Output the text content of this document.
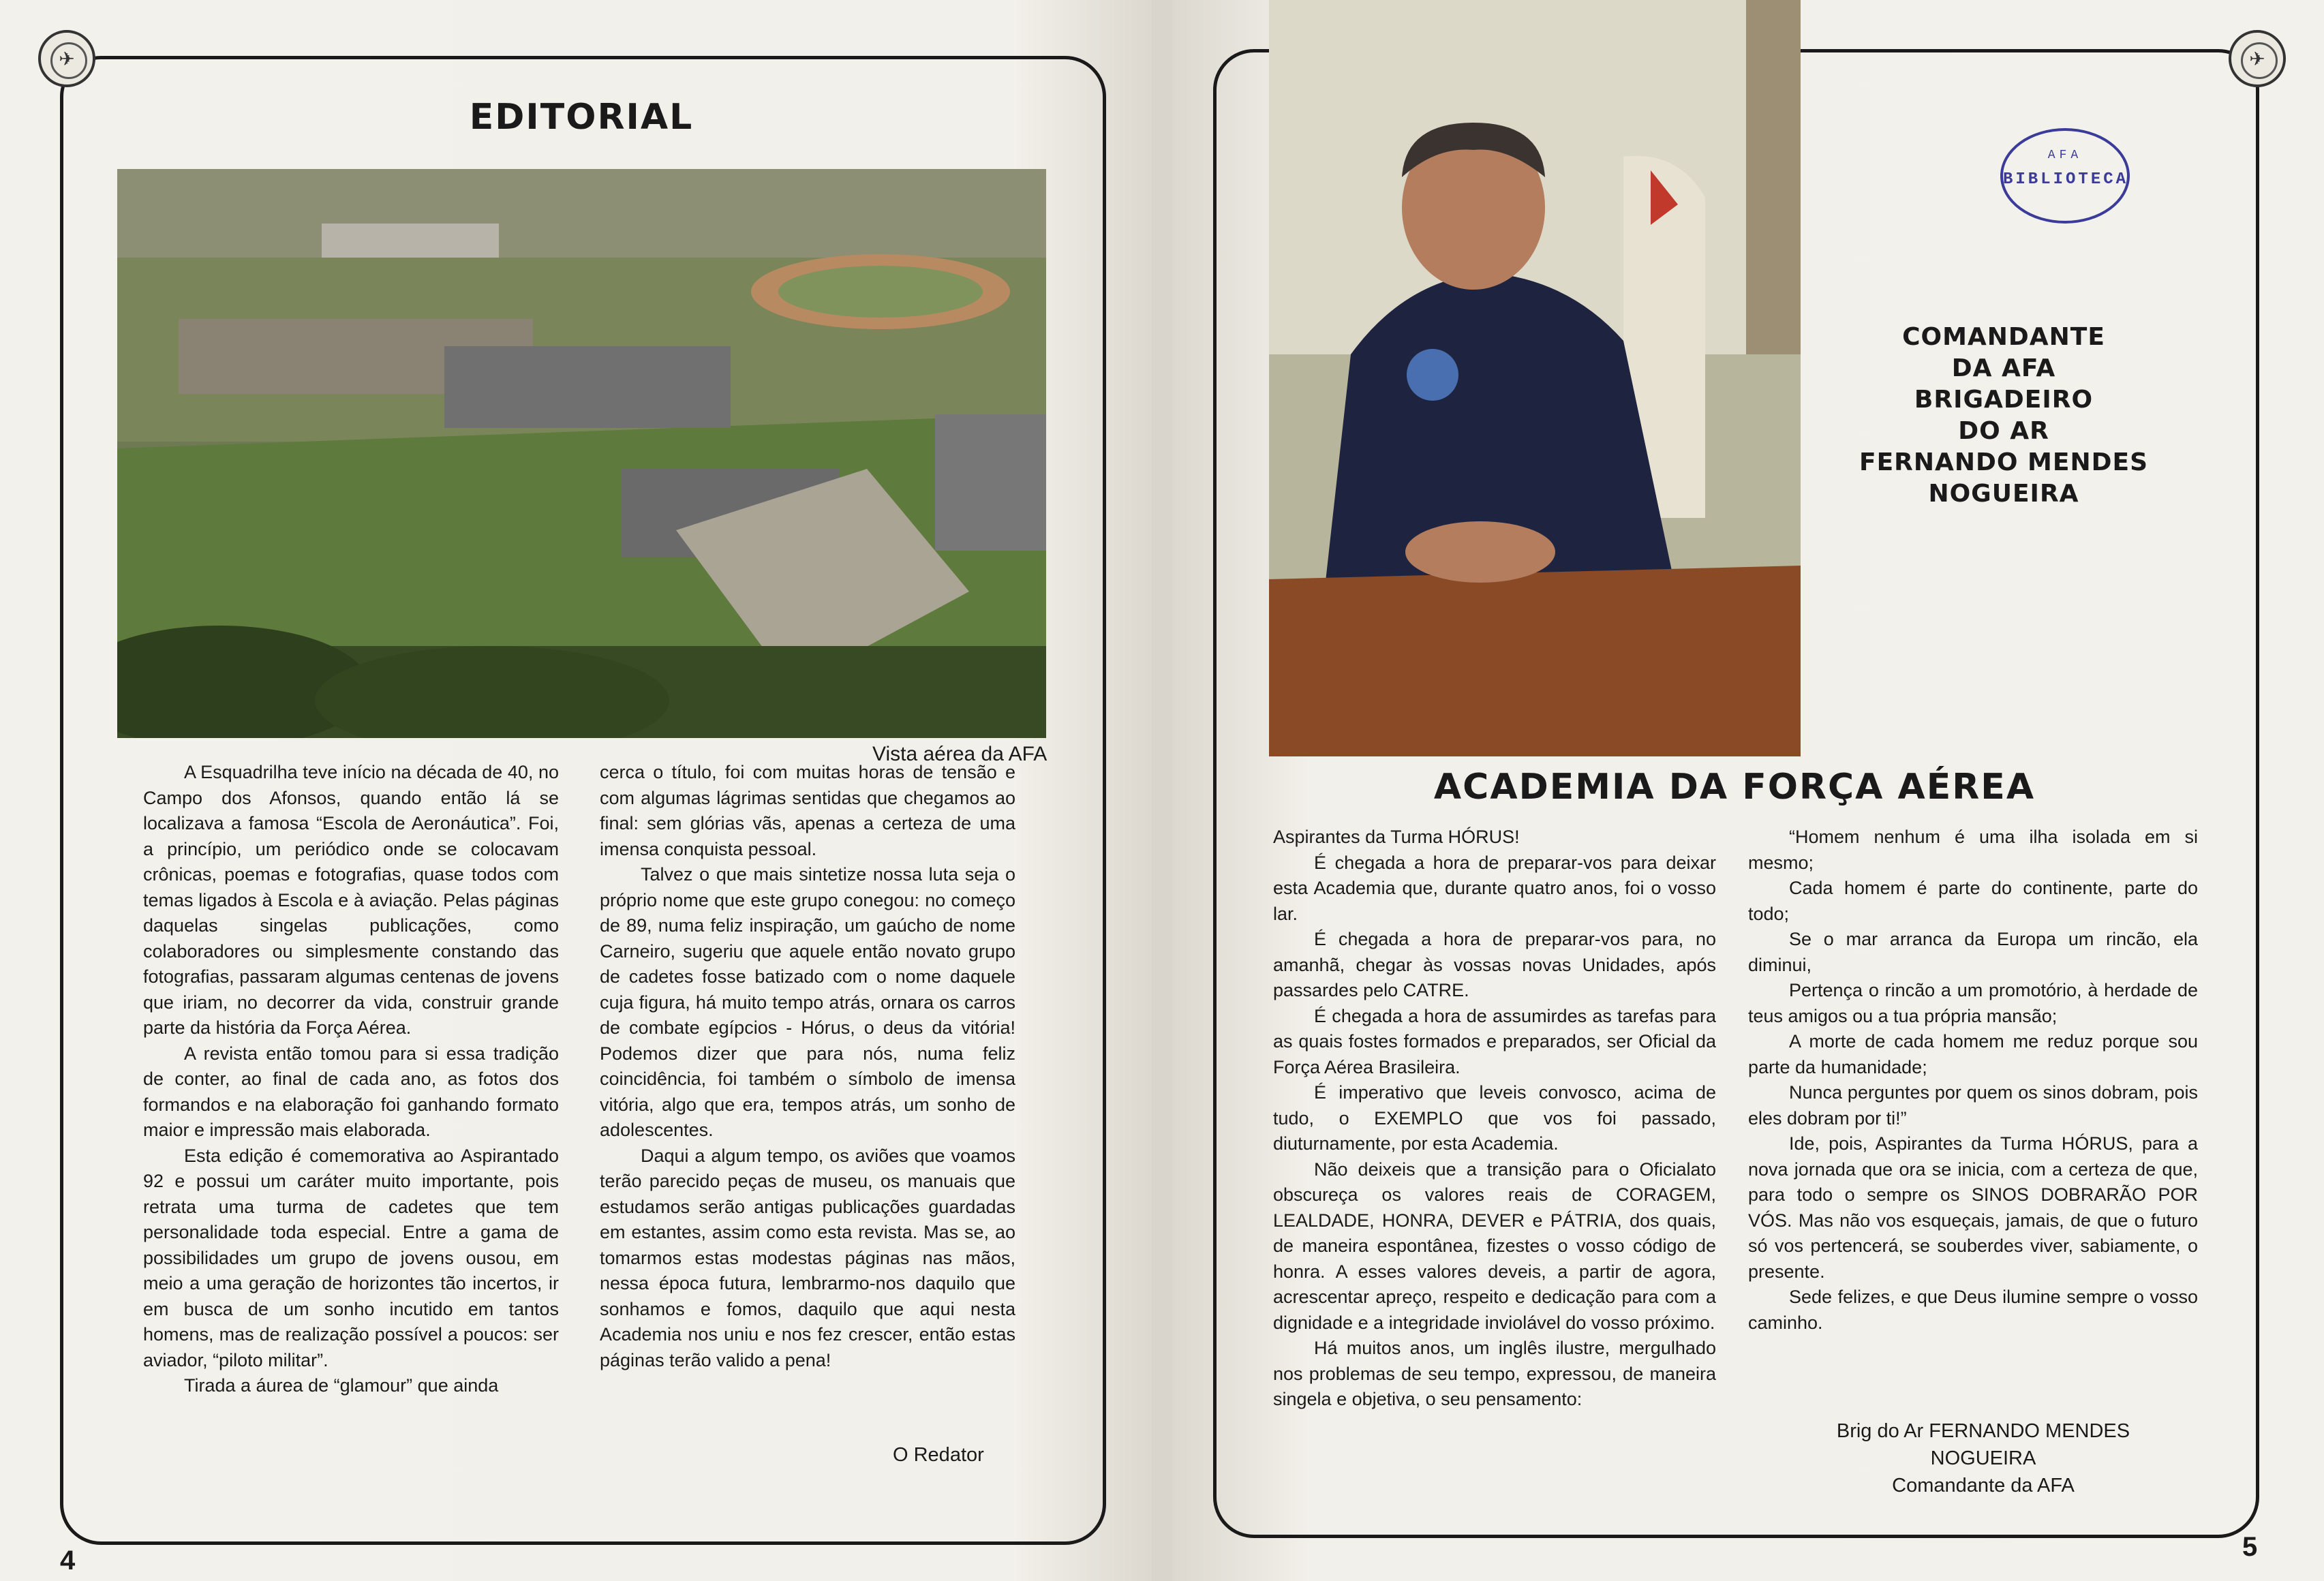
✈
EDITORIAL
Vista aérea da AFA

A Esquadrilha teve início na década de 40, no Campo dos Afonsos, quando então lá se localizava a famosa “Escola de Aeronáutica”. Foi, a princípio, um periódico onde se colocavam crônicas, poemas e fotografias, quase todos com temas ligados à Escola e à aviação. Pelas páginas daquelas singelas publicações, como colaboradores ou simplesmente constando das fotografias, passaram algumas centenas de jovens que iriam, no decorrer da vida, construir grande parte da história da Força Aérea.

A revista então tomou para si essa tradição de conter, ao final de cada ano, as fotos dos formandos e na elaboração foi ganhando formato maior e impressão mais elaborada.

Esta edição é comemorativa ao Aspirantado 92 e possui um caráter muito importante, pois retrata uma turma de cadetes que tem personalidade toda especial. Entre a gama de possibilidades um grupo de jovens ousou, em meio a uma geração de horizontes tão incertos, ir em busca de um sonho incutido em tantos homens, mas de realização possível a poucos: ser aviador, “piloto militar”.

Tirada a áurea de “glamour” que ainda

cerca o título, foi com muitas horas de tensão e com algumas lágrimas sentidas que chegamos ao final: sem glórias vãs, apenas a certeza de uma imensa conquista pessoal.

Talvez o que mais sintetize nossa luta seja o próprio nome que este grupo conegou: no começo de 89, numa feliz inspiração, um gaúcho de nome Carneiro, sugeriu que aquele então novato grupo de cadetes fosse batizado com o nome daquele cuja figura, há muito tempo atrás, ornara os carros de combate egípcios - Hórus, o deus da vitória! Podemos dizer que para nós, numa feliz coincidência, foi também o símbolo de imensa vitória, algo que era, tempos atrás, um sonho de adolescentes.

Daqui a algum tempo, os aviões que voamos terão parecido peças de museu, os manuais que estudamos serão antigas publicações guardadas em estantes, assim como esta revista. Mas se, ao tomarmos estas modestas páginas nas mãos, nessa época futura, lembrarmo-nos daquilo que sonhamos e fomos, daquilo que aqui nesta Academia nos uniu e nos fez crescer, então estas páginas terão valido a pena!

O Redator
4
✈
AFA
BIBLIOTECA
COMANDANTE
DA AFA
BRIGADEIRO
DO AR
FERNANDO MENDES
NOGUEIRA
ACADEMIA DA FORÇA AÉREA

Aspirantes da Turma HÓRUS!

É chegada a hora de preparar-vos para deixar esta Academia que, durante quatro anos, foi o vosso lar.

É chegada a hora de preparar-vos para, no amanhã, chegar às vossas novas Unidades, após passardes pelo CATRE.

É chegada a hora de assumirdes as tarefas para as quais fostes formados e preparados, ser Oficial da Força Aérea Brasileira.

É imperativo que leveis convosco, acima de tudo, o EXEMPLO que vos foi passado, diuturnamente, por esta Academia.

Não deixeis que a transição para o Oficialato obscureça os valores reais de CORAGEM, LEALDADE, HONRA, DEVER e PÁTRIA, dos quais, de maneira espontânea, fizestes o vosso código de honra. A esses valores deveis, a partir de agora, acrescentar apreço, respeito e dedicação para com a dignidade e a integridade inviolável do vosso próximo.

Há muitos anos, um inglês ilustre, mergulhado nos problemas de seu tempo, expressou, de maneira singela e objetiva, o seu pensamento:

“Homem nenhum é uma ilha isolada em si mesmo;

Cada homem é parte do continente, parte do todo;

Se o mar arranca da Europa um rincão, ela diminui,

Pertença o rincão a um promotório, à herdade de teus amigos ou a tua própria mansão;

A morte de cada homem me reduz porque sou parte da humanidade;

Nunca perguntes por quem os sinos dobram, pois eles dobram por ti!”

Ide, pois, Aspirantes da Turma HÓRUS, para a nova jornada que ora se inicia, com a certeza de que, para todo o sempre os SINOS DOBRARÃO POR VÓS. Mas não vos esqueçais, jamais, de que o futuro só vos pertencerá, se souberdes viver, sabiamente, o presente.

Sede felizes, e que Deus ilumine sempre o vosso caminho.

Brig do Ar FERNANDO MENDES NOGUEIRA
Comandante da AFA
5
